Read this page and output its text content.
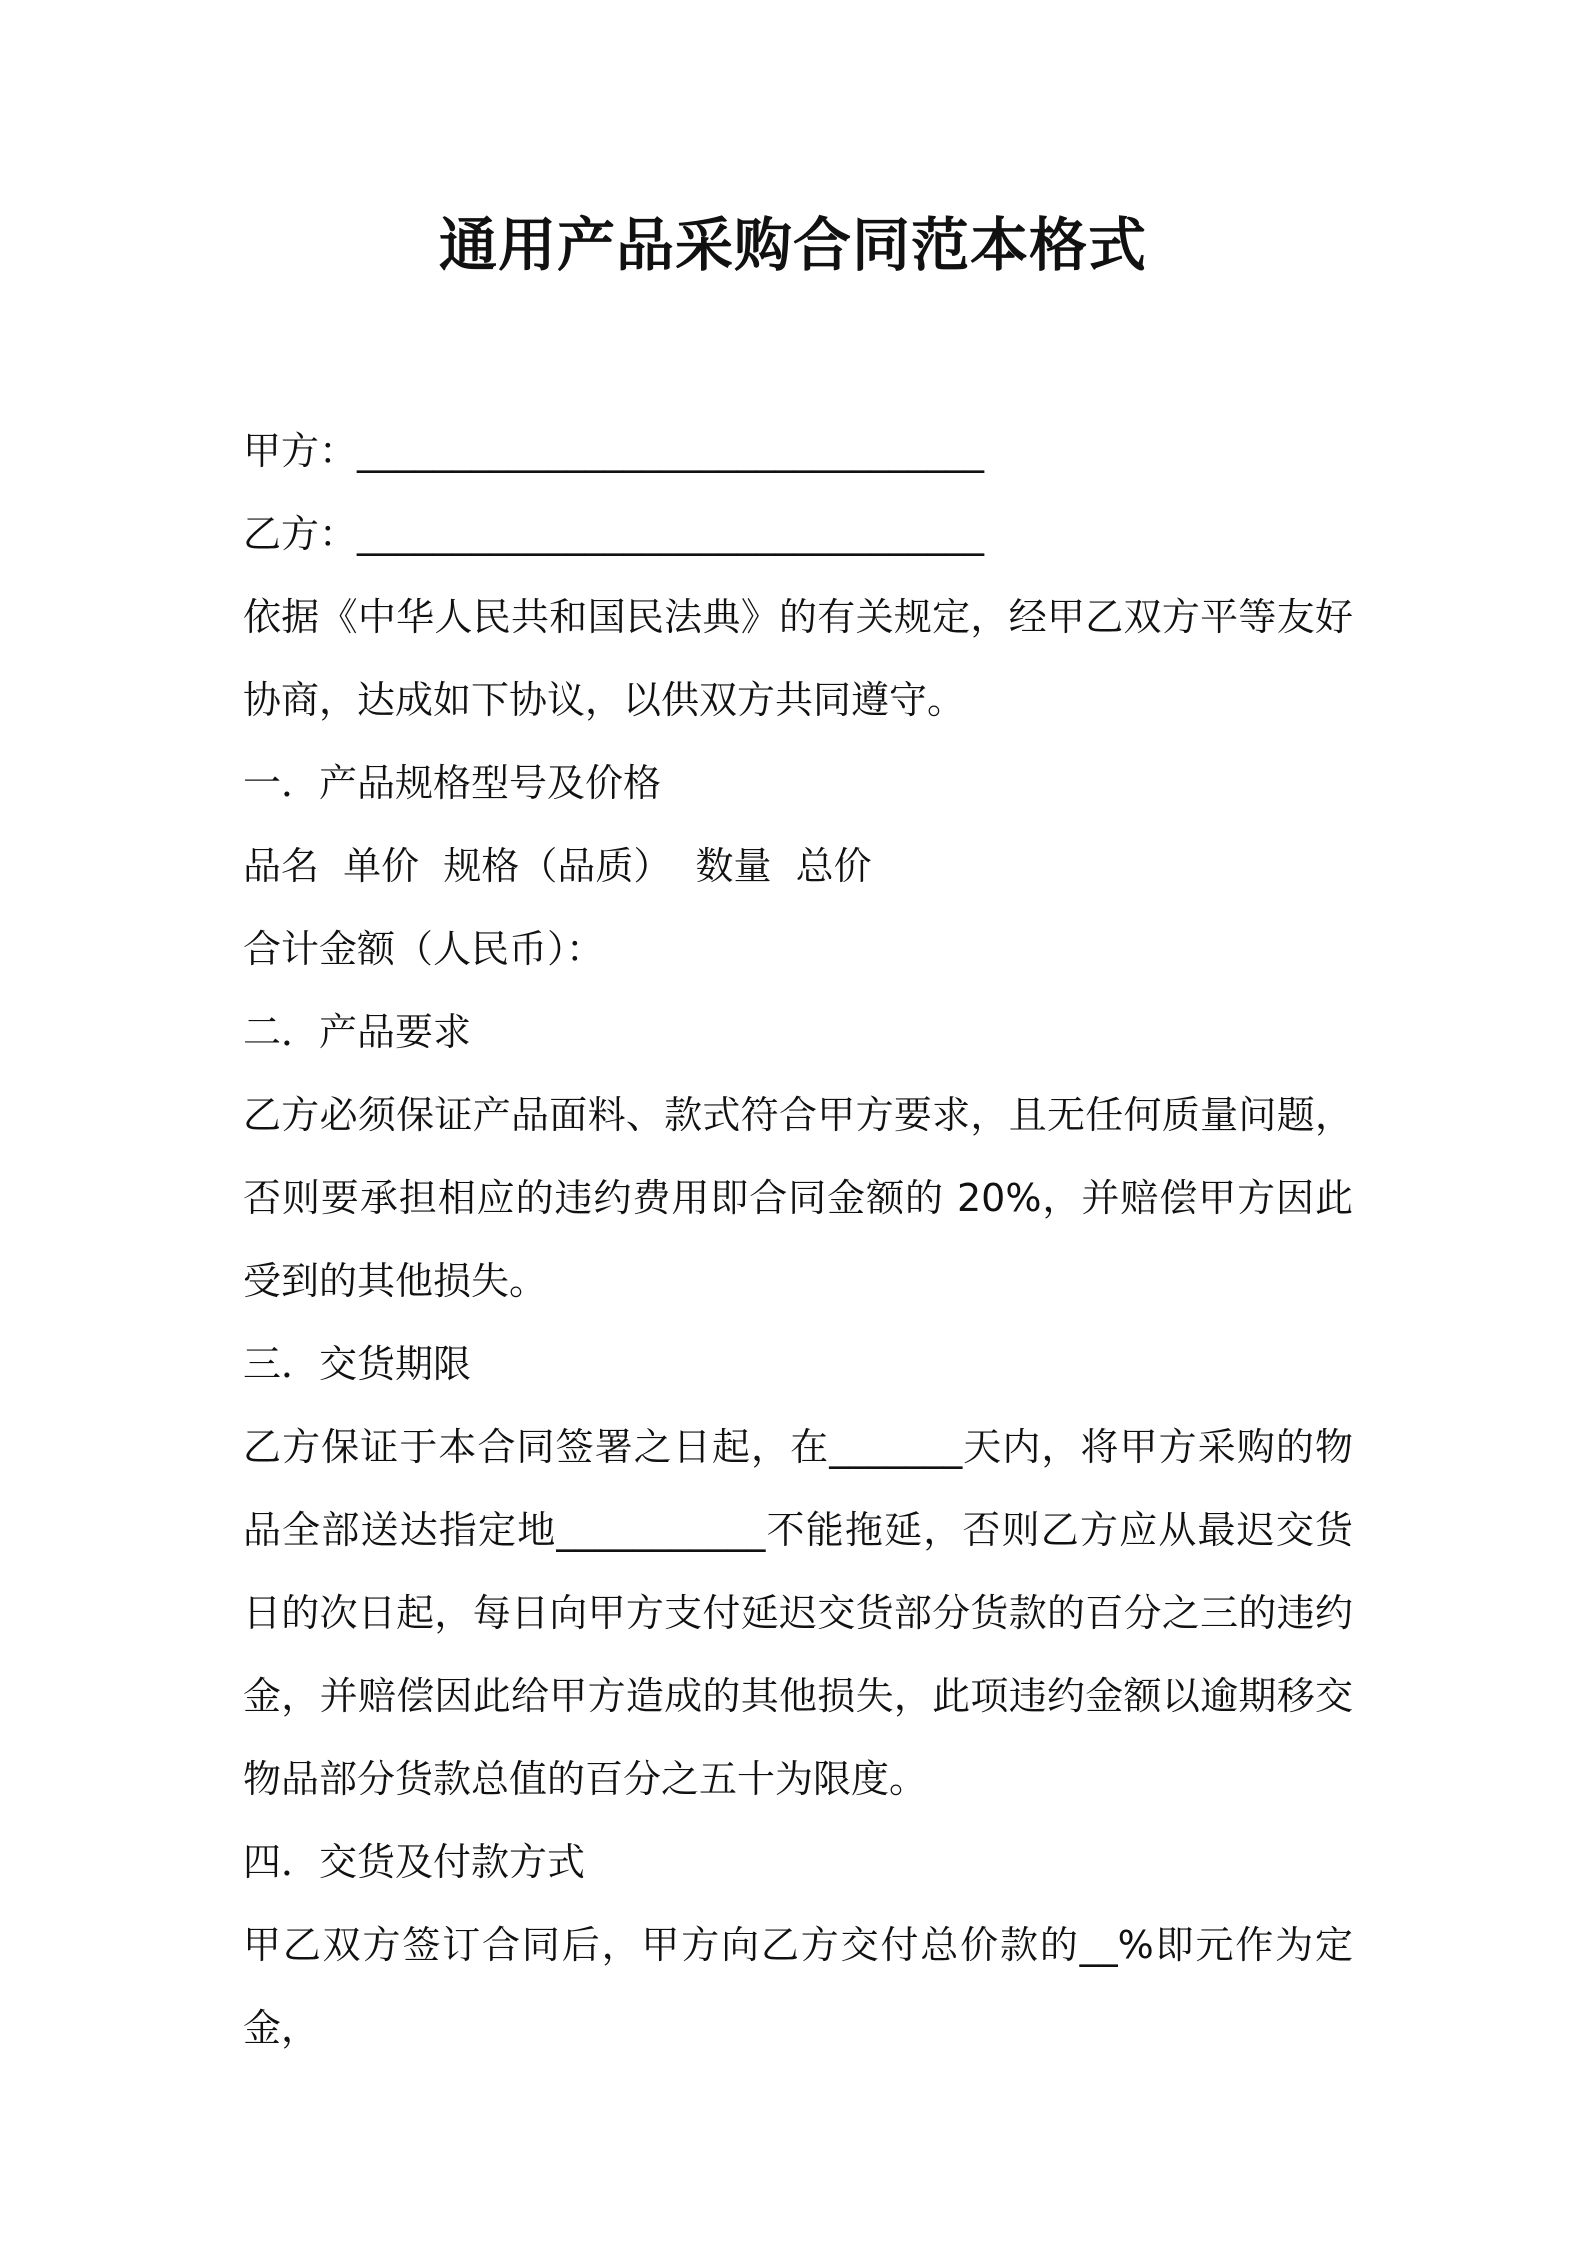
通用产品采购合同范本格式

甲方：_________________________________

乙方：_________________________________

依据《中华人民共和国民法典》的有关规定，经甲乙双方平等友好协商，达成如下协议，以供双方共同遵守。

一．产品规格型号及价格

品名  单价  规格（品质）  数量  总价

合计金额（人民币）：

二．产品要求

乙方必须保证产品面料、款式符合甲方要求，且无任何质量问题，否则要承担相应的违约费用即合同金额的 20%，并赔偿甲方因此受到的其他损失。

三．交货期限

乙方保证于本合同签署之日起，在_______天内，将甲方采购的物品全部送达指定地___________不能拖延，否则乙方应从最迟交货日的次日起，每日向甲方支付延迟交货部分货款的百分之三的违约金，并赔偿因此给甲方造成的其他损失，此项违约金额以逾期移交物品部分货款总值的百分之五十为限度。

四．交货及付款方式

甲乙双方签订合同后，甲方向乙方交付总价款的__%即元作为定金，
